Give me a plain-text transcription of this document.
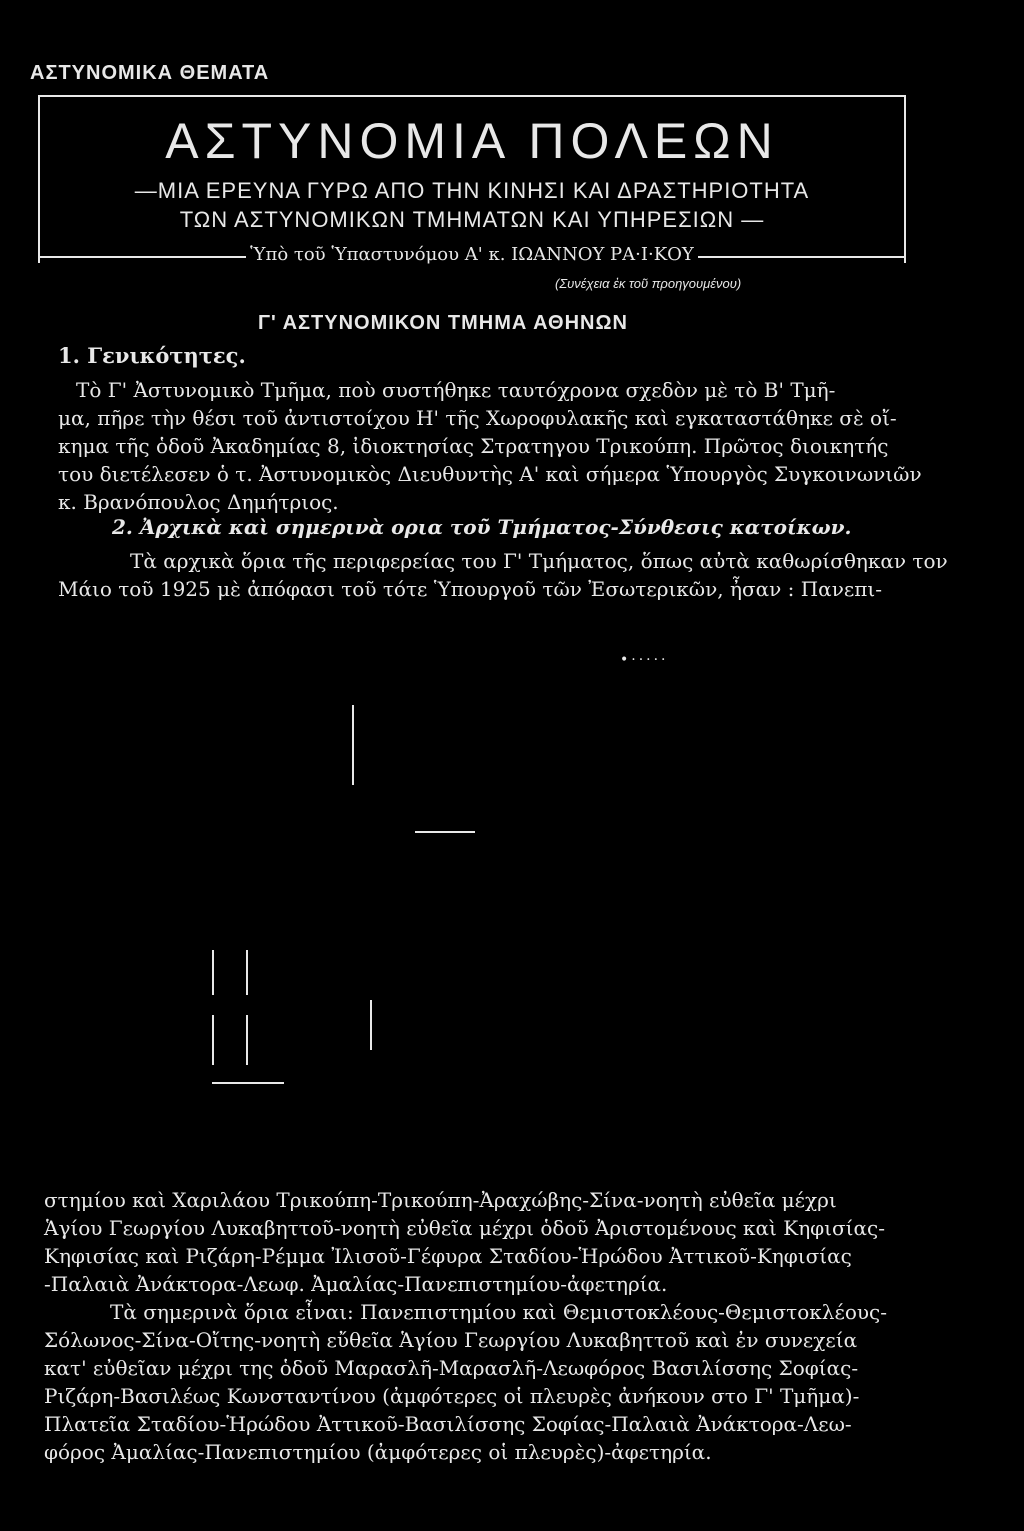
ΑΣΤΥΝΟΜΙΚΑ ΘΕΜΑΤΑ
ΑΣΤΥΝΟΜΙΑ ΠΟΛΕΩΝ
—ΜΙΑ ΕΡΕΥΝΑ ΓΥΡΩ ΑΠΟ ΤΗΝ ΚΙΝΗΣΙ ΚΑΙ ΔΡΑΣΤΗΡΙΟΤΗΤΑ
ΤΩΝ ΑΣΤΥΝΟΜΙΚΩΝ ΤΜΗΜΑΤΩΝ ΚΑΙ ΥΠΗΡΕΣΙΩΝ —
Ὑπὸ τοῦ Ὑπαστυνόμου Α' κ. ΙΩΑΝΝΟΥ ΡΑ·Ι·ΚΟΥ
(Συνέχεια ἐκ τοῦ προηγουμένου)
Γ' ΑΣΤΥΝΟΜΙΚΟΝ ΤΜΗΜΑ ΑΘΗΝΩΝ
1. Γενικότητες.
Τὸ Γ' Ἀστυνομικὸ Τμῆμα, ποὺ συστήθηκε ταυτόχρονα σχεδὸν μὲ τὸ Β' Τμῆ-
μα, πῆρε τὴν θέσι τοῦ ἀντιστοίχου Η' τῆς Χωροφυλακῆς καὶ εγκαταστάθηκε σὲ οἴ-
κημα τῆς ὁδοῦ Ἀκαδημίας 8, ἰδιοκτησίας Στρατηγου Τρικούπη. Πρῶτος διοικητής
του διετέλεσεν ὁ τ. Ἀστυνομικὸς Διευθυντὴς Α' καὶ σήμερα Ὑπουργὸς Συγκοινωνιῶν
κ. Βρανόπουλος Δημήτριος.
2. Ἀρχικὰ καὶ σημερινὰ ορια τοῦ Τμήματος-Σύνθεσις κατοίκων.
Τὰ αρχικὰ ὅρια τῆς περιφερείας του Γ' Τμήματος, ὅπως αὐτὰ καθωρίσθηκαν τον
Μάιο τοῦ 1925 μὲ ἀπόφασι τοῦ τότε Ὑπουργοῦ τῶν Ἐσωτερικῶν, ἦσαν : Πανεπι-
•·····
στημίου καὶ Χαριλάου Τρικούπη-Τρικούπη-Ἀραχώβης-Σίνα-νοητὴ εὐθεῖα μέχρι
Ἁγίου Γεωργίου Λυκαβηττοῦ-νοητὴ εὐθεῖα μέχρι ὁδοῦ Ἀριστομένους καὶ Κηφισίας-
Κηφισίας καὶ Ριζάρη-Ρέμμα Ἰλισοῦ-Γέφυρα Σταδίου-Ἡρώδου Ἀττικοῦ-Κηφισίας
-Παλαιὰ Ἀνάκτορα-Λεωφ. Ἀμαλίας-Πανεπιστημίου-ἀφετηρία.
Τὰ σημερινὰ ὅρια εἶναι: Πανεπιστημίου καὶ Θεμιστοκλέους-Θεμιστοκλέους-
Σόλωνος-Σίνα-Οἴτης-νοητὴ εὔθεῖα Ἁγίου Γεωργίου Λυκαβηττοῦ καὶ ἐν συνεχεία
κατ' εὐθεῖαν μέχρι της ὁδοῦ Μαρασλῆ-Μαρασλῆ-Λεωφόρος Βασιλίσσης Σοφίας-
Ριζάρη-Βασιλέως Κωνσταντίνου (ἀμφότερες οἱ πλευρὲς ἀνήκουν στο Γ' Τμῆμα)-
Πλατεῖα Σταδίου-Ἡρώδου Ἀττικοῦ-Βασιλίσσης Σοφίας-Παλαιὰ Ἀνάκτορα-Λεω-
φόρος Ἀμαλίας-Πανεπιστημίου (ἀμφότερες οἱ πλευρὲς)-ἀφετηρία.
